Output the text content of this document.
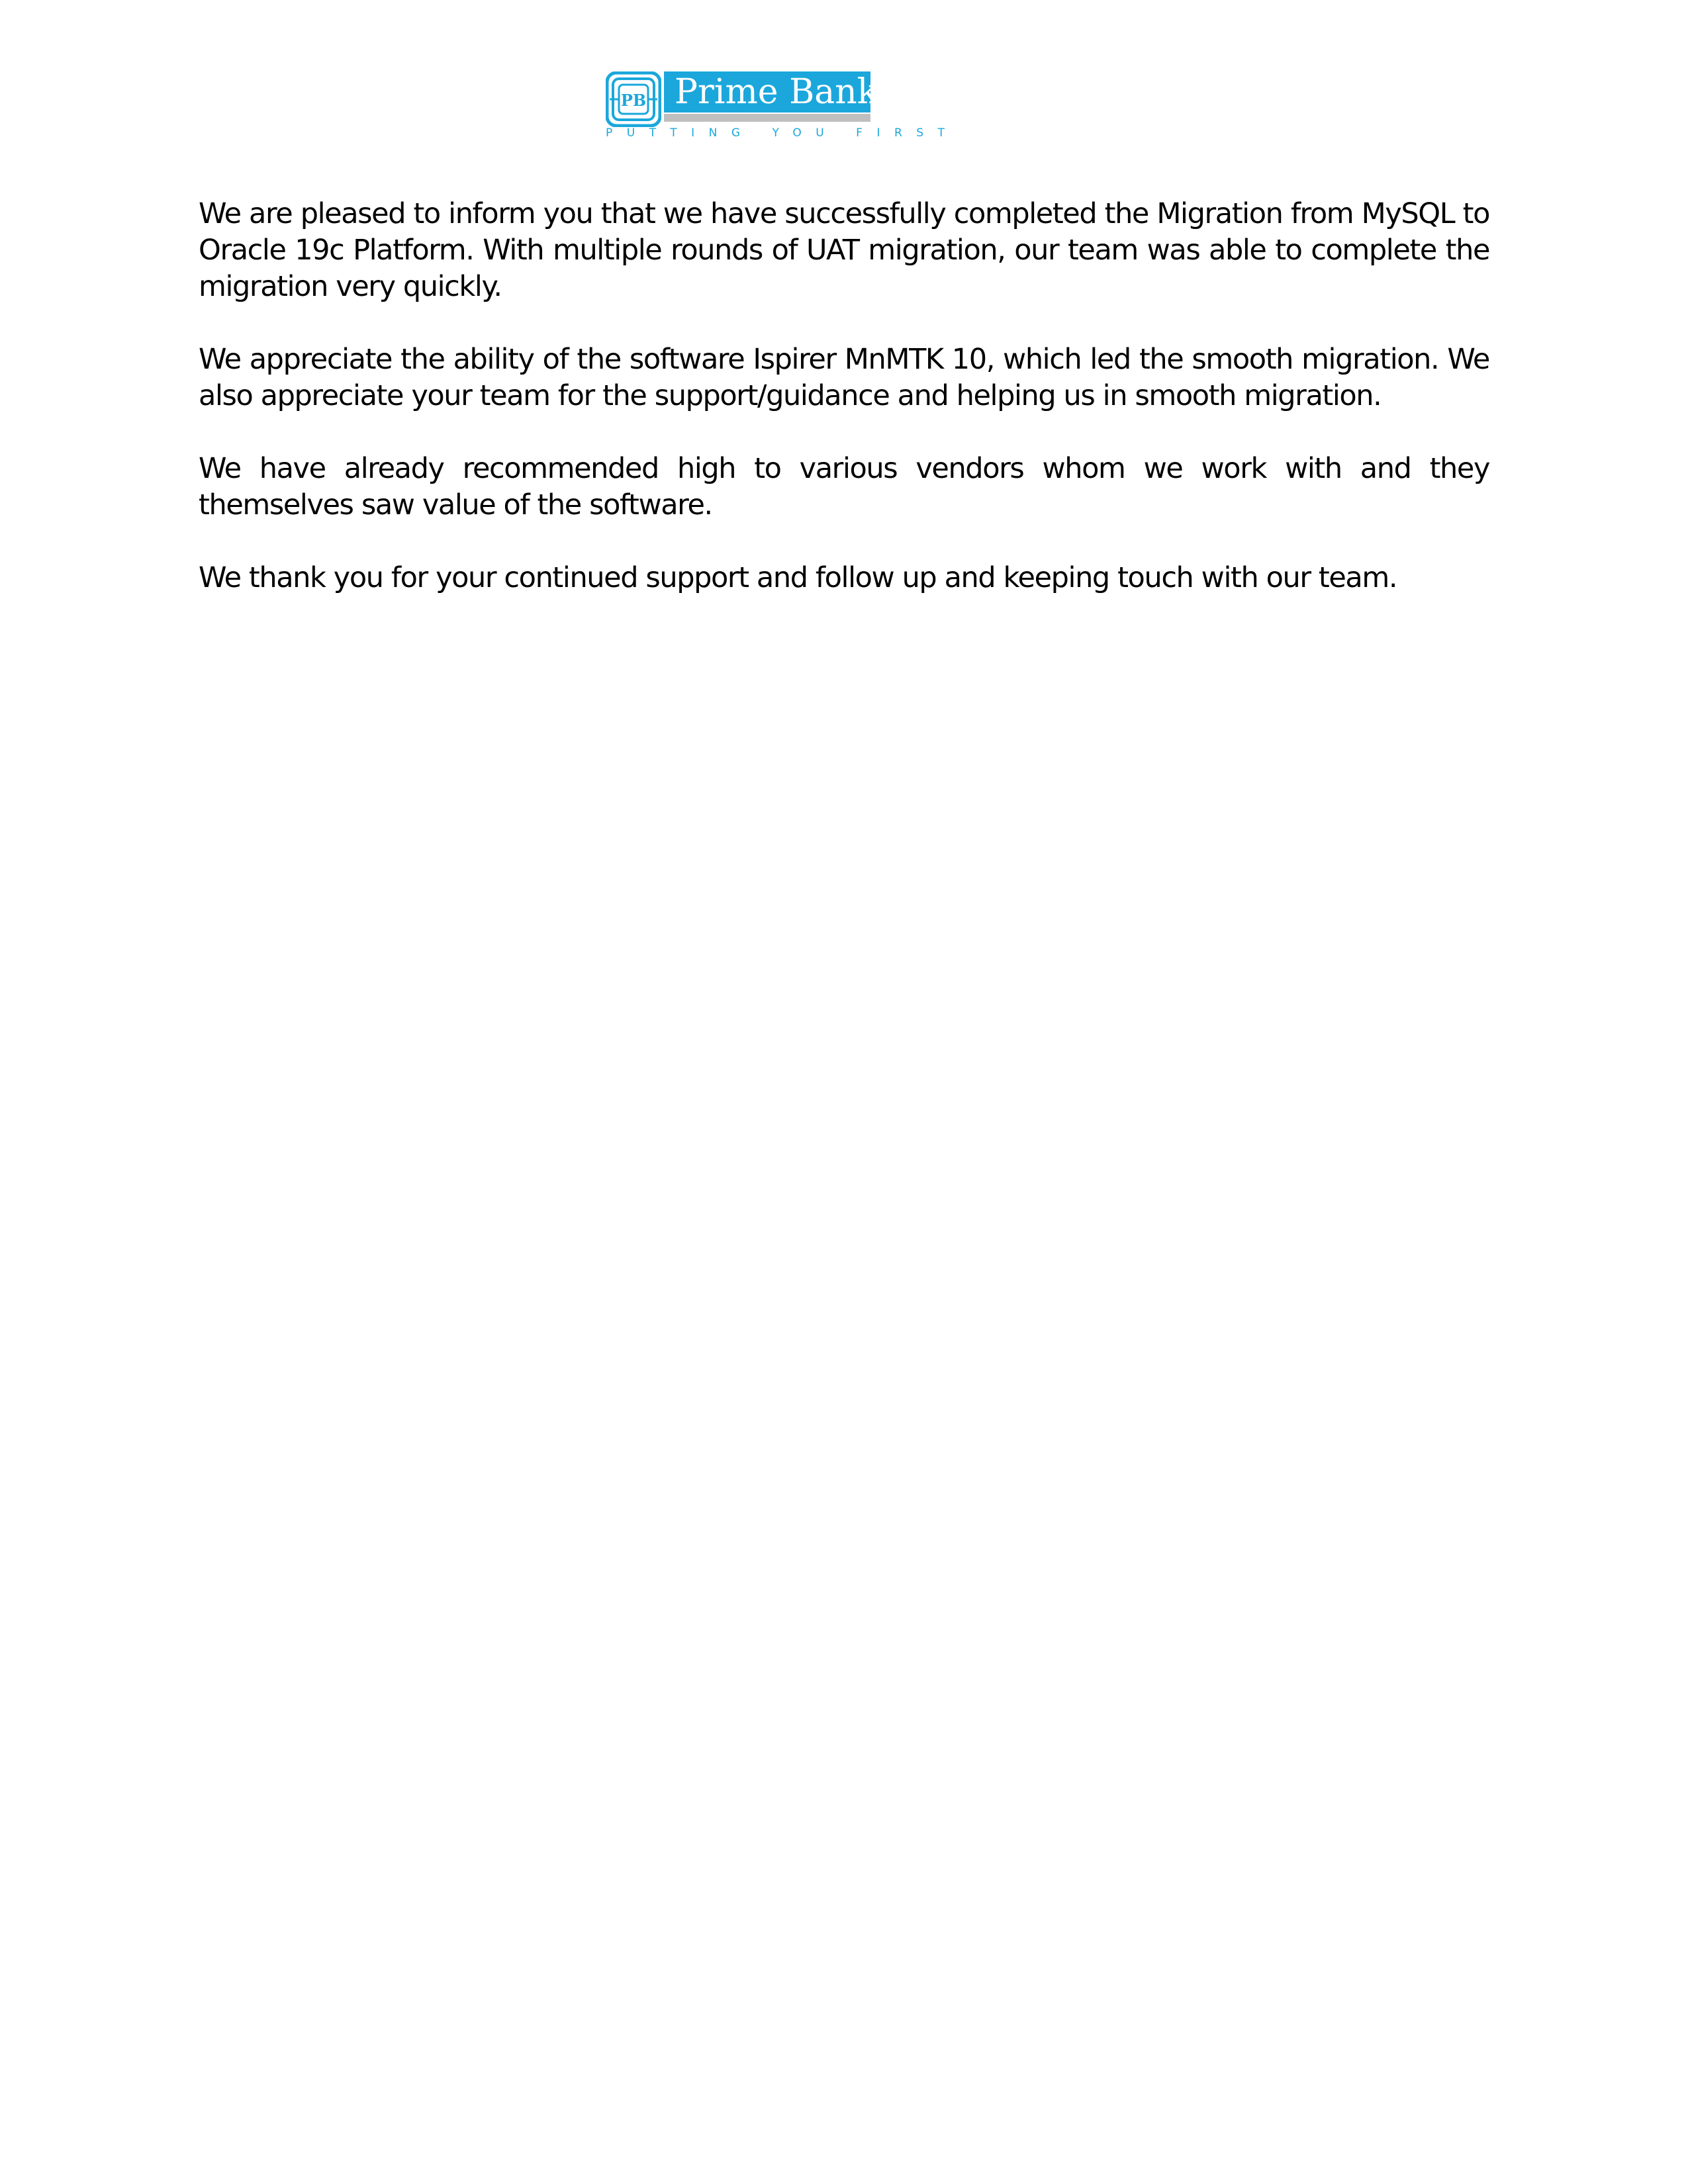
PB Prime Bank
PUTTING YOU FIRST

We are pleased to inform you that we have successfully completed the Migration from MySQL to Oracle 19c Platform. With multiple rounds of UAT migration, our team was able to complete the migration very quickly.

We appreciate the ability of the software Ispirer MnMTK 10, which led the smooth migration. We also appreciate your team for the support/guidance and helping us in smooth migration.

We have already recommended high to various vendors whom we work with and they themselves saw value of the software.

We thank you for your continued support and follow up and keeping touch with our team.
